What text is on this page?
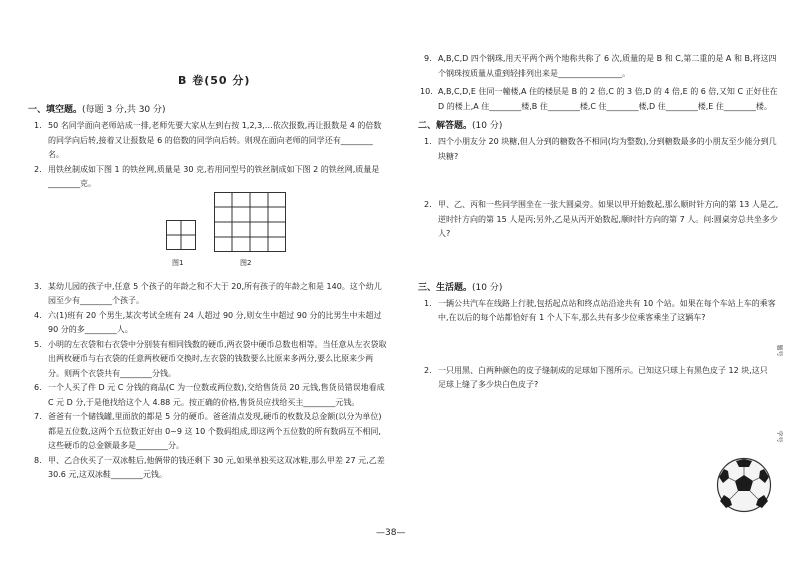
B 卷(50 分)

一、填空题。(每题 3 分,共 30 分)

1. 50 名同学面向老师站成一排,老师先要大家从左到右按 1,2,3,…依次报数,再让报数是 4 的倍数的同学向后转,接着又让报数是 6 的倍数的同学向后转。则现在面向老师的同学还有________名。

2. 用铁丝制成如下图 1 的铁丝网,质量是 30 克,若用同型号的铁丝制成如下图 2 的铁丝网,质量是________克。

图1	图2

3. 某幼儿园的孩子中,任意 5 个孩子的年龄之和不大于 20,所有孩子的年龄之和是 140。这个幼儿园至少有________个孩子。

4. 六(1)班有 20 个男生,某次考试全班有 24 人超过 90 分,则女生中超过 90 分的比男生中未超过 90 分的多________人。

5. 小明的左衣袋和右衣袋中分别装有相同钱数的硬币,两衣袋中硬币总数也相等。当任意从左衣袋取出两枚硬币与右衣袋的任意两枚硬币交换时,左衣袋的钱数要么比原来多两分,要么比原来少两分。则两个衣袋共有________分钱。

6. 一个人买了件 D 元 C 分钱的商品(C 为一位数或两位数),交给售货员 20 元钱,售货员错误地看成 C 元 D 分,于是他找给这个人 4.88 元。按正确的价格,售货员应找给买主________元钱。

7. 爸爸有一个储钱罐,里面放的都是 5 分的硬币。爸爸清点发现,硬币的枚数及总金额(以分为单位)都是五位数,这两个五位数正好由 0~9 这 10 个数码组成,即这两个五位数的所有数码互不相同,这些硬币的总金额最多是________分。

8. 甲、乙合伙买了一双冰鞋后,他俩带的钱还剩下 30 元,如果单独买这双冰鞋,那么甲差 27 元,乙差 30.6 元,这双冰鞋________元钱。

9. A,B,C,D 四个钢珠,用天平两个两个地称共称了 6 次,质量的是 B 和 C,第二重的是 A 和 B,将这四个钢珠按质量从重到轻排列出来是________________。

10. A,B,C,D,E 住同一幢楼,A 住的楼层是 B 的 2 倍,C 的 3 倍,D 的 4 倍,E 的 6 倍,又知 C 正好住在 D 的楼上,A 住________楼,B 住________楼,C 住________楼,D 住________楼,E 住________楼。

二、解答题。(10 分)

1. 四个小朋友分 20 块糖,但人分到的糖数各不相同(均为整数),分到糖数最多的小朋友至少能分到几块糖?

2. 甲、乙、丙和一些同学围坐在一张大圆桌旁。如果以甲开始数起,那么顺时针方向的第 13 人是乙,逆时针方向的第 15 人是丙;另外,乙是从丙开始数起,顺时针方向的第 7 人。问:圆桌旁总共坐多少人?

三、生活题。(10 分)

1. 一辆公共汽车在线路上行驶,包括起点站和终点站沿途共有 10 个站。如果在每个车站上车的乘客中,在以后的每个站都恰好有 1 个人下车,那么共有多少位乘客乘坐了这辆车?

2. 一只用黑、白两种颜色的皮子缝制成的足球如下图所示。已知这只球上有黑色皮子 12 块,这只足球上缝了多少块白色皮子?

题号
学号
—38—
